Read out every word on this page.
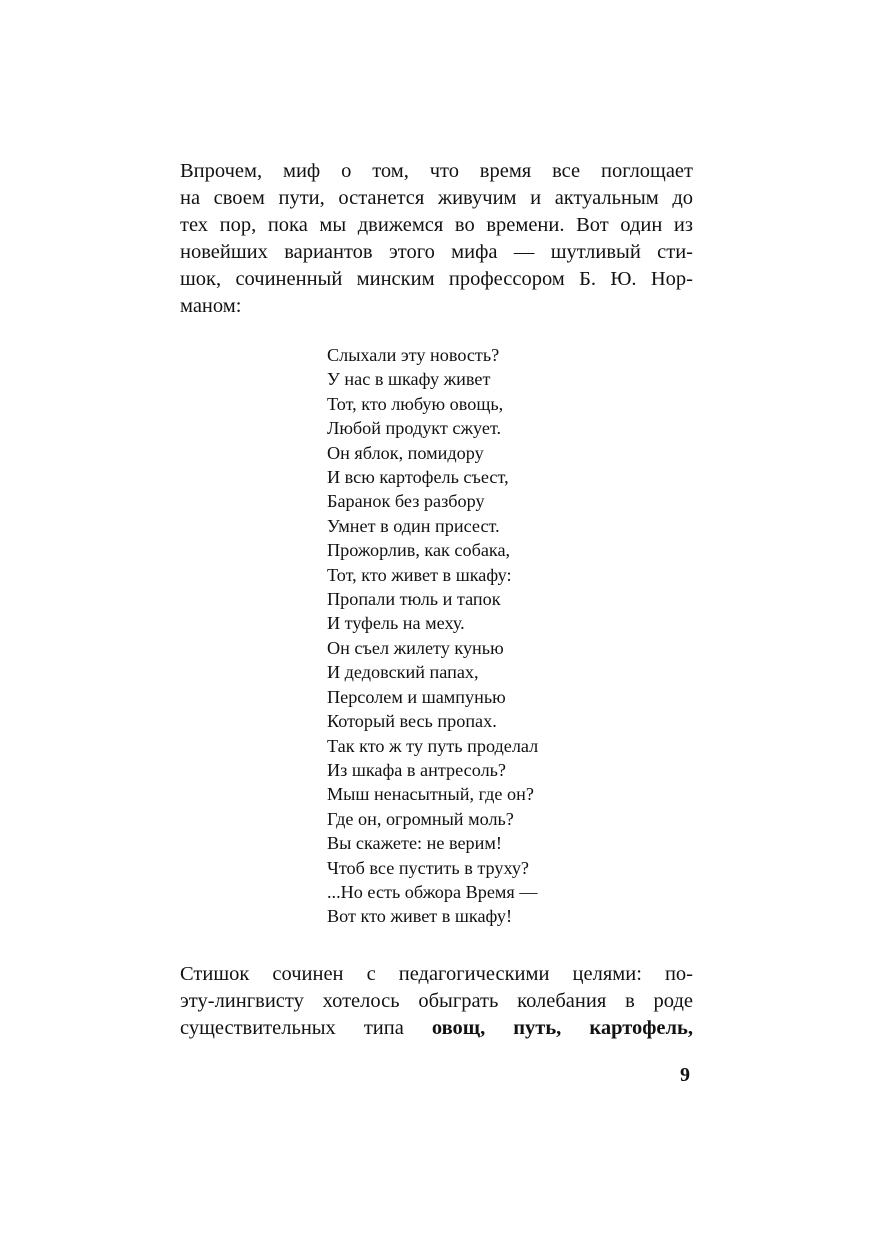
Впрочем, миф о том, что время все поглощает
на своем пути, останется живучим и актуальным до
тех пор, пока мы движемся во времени. Вот один из
новейших вариантов этого мифа — шутливый сти-
шок, сочиненный минским профессором Б. Ю. Нор-
маном:
Слыхали эту новость?
У нас в шкафу живет
Тот, кто любую овощь,
Любой продукт сжует.
Он яблок, помидору
И всю картофель съест,
Баранок без разбору
Умнет в один присест.
Прожорлив, как собака,
Тот, кто живет в шкафу:
Пропали тюль и тапок
И туфель на меху.
Он съел жилету кунью
И дедовский папах,
Персолем и шампунью
Который весь пропах.
Так кто ж ту путь проделал
Из шкафа в антресоль?
Мыш ненасытный, где он?
Где он, огромный моль?
Вы скажете: не верим!
Чтоб все пустить в труху?
...Но есть обжора Время —
Вот кто живет в шкафу!
Стишок сочинен с педагогическими целями: по-
эту-лингвисту хотелось обыграть колебания в роде
существительных типа овощ, путь, картофель,
9
